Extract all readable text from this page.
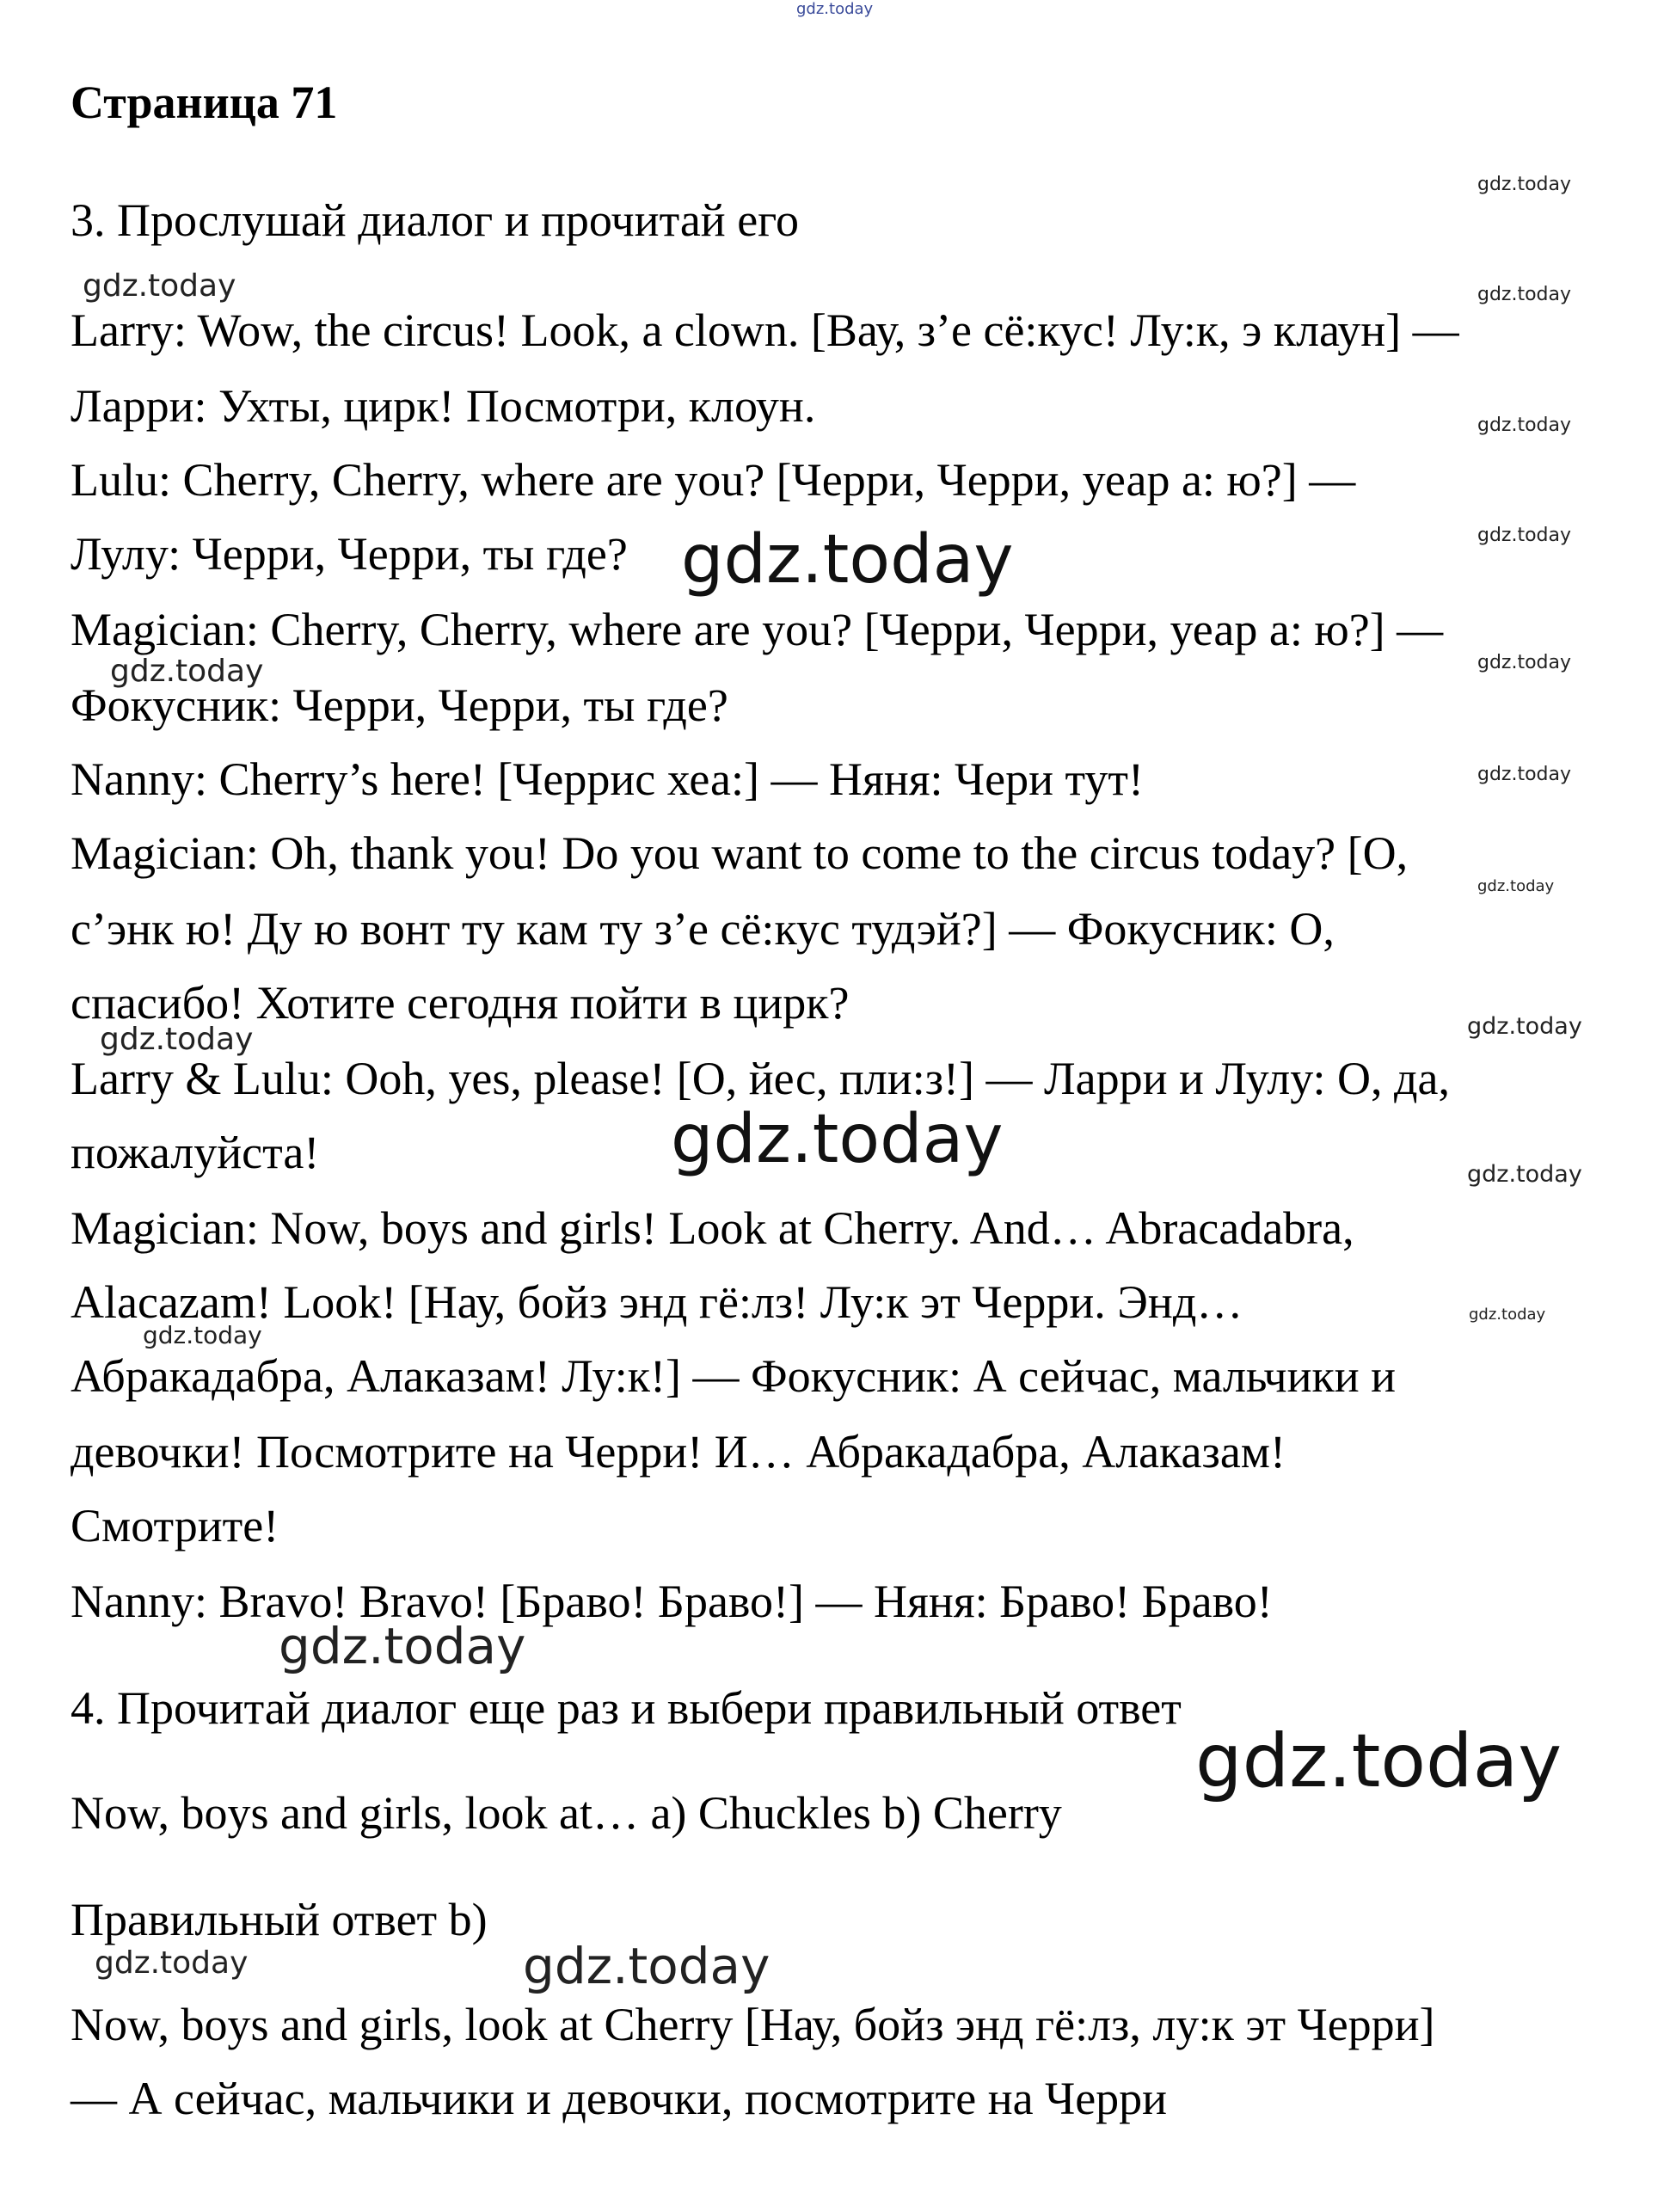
gdz.today
Страница 71
3. Прослушай диалог и прочитай его
Larry: Wow, the circus! Look, a clown. [Вау, з’е сё:кус! Лу:к, э клаун] —
Ларри: Ухты, цирк! Посмотри, клоун.
Lulu: Cherry, Cherry, where are you? [Черри, Черри, уеар а: ю?] —
Лулу: Черри, Черри, ты где?
Magician: Cherry, Cherry, where are you? [Черри, Черри, уеар а: ю?] —
Фокусник: Черри, Черри, ты где?
Nanny: Cherry’s here! [Черрис хеа:] — Няня: Чери тут!
Magician: Oh, thank you! Do you want to come to the circus today? [О,
с’энк ю! Ду ю вонт ту кам ту з’е сё:кус тудэй?] — Фокусник: О,
спасибо! Хотите сегодня пойти в цирк?
Larry & Lulu: Ooh, yes, please! [О, йес, пли:з!] — Ларри и Лулу: О, да,
пожалуйста!
Magician: Now, boys and girls! Look at Cherry. And… Abracadabra,
Alacazam! Look! [Нау, бойз энд гё:лз! Лу:к эт Черри. Энд…
Абракадабра, Алаказам! Лу:к!] — Фокусник: А сейчас, мальчики и
девочки! Посмотрите на Черри! И… Абракадабра, Алаказам!
Смотрите!
Nanny: Bravo! Bravo! [Браво! Браво!] — Няня: Браво! Браво!
4. Прочитай диалог еще раз и выбери правильный ответ
Now, boys and girls, look at… a) Chuckles b) Cherry
Правильный ответ b)
Now, boys and girls, look at Cherry [Нау, бойз энд гё:лз, лу:к эт Черри]
— А сейчас, мальчики и девочки, посмотрите на Черри
gdz.today
gdz.today
gdz.today
gdz.today
gdz.today
gdz.today
gdz.today
gdz.today
gdz.today
gdz.today
gdz.today
gdz.today
gdz.today
gdz.today
gdz.today
gdz.today
gdz.today
gdz.today
gdz.today
gdz.today
